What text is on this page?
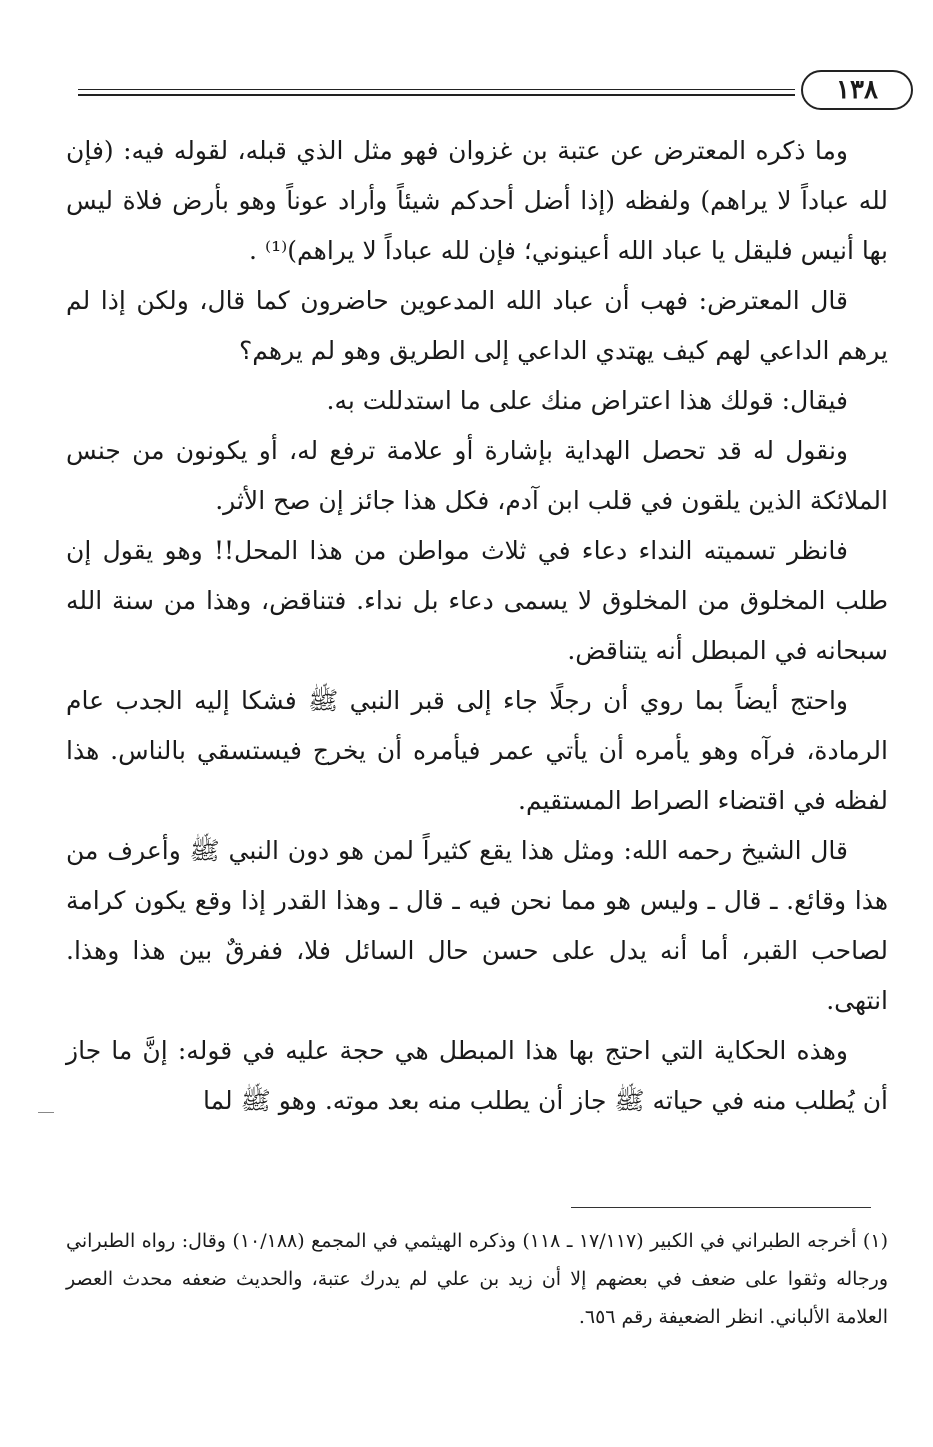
١٣٨

وما ذكره المعترض عن عتبة بن غزوان فهو مثل الذي قبله، لقوله فيه: (فإن لله عباداً لا يراهم) ولفظه (إذا أضل أحدكم شيئاً وأراد عوناً وهو بأرض فلاة ليس بها أنيس فليقل يا عباد الله أعينوني؛ فإن لله عباداً لا يراهم)⁽¹⁾ .

قال المعترض: فهب أن عباد الله المدعوين حاضرون كما قال، ولكن إذا لم يرهم الداعي لهم كيف يهتدي الداعي إلى الطريق وهو لم يرهم؟

فيقال: قولك هذا اعتراض منك على ما استدللت به.

ونقول له قد تحصل الهداية بإشارة أو علامة ترفع له، أو يكونون من جنس الملائكة الذين يلقون في قلب ابن آدم، فكل هذا جائز إن صح الأثر.

فانظر تسميته النداء دعاء في ثلاث مواطن من هذا المحل!! وهو يقول إن طلب المخلوق من المخلوق لا يسمى دعاء بل نداء. فتناقض، وهذا من سنة الله سبحانه في المبطل أنه يتناقض.

واحتج أيضاً بما روي أن رجلًا جاء إلى قبر النبي ﷺ فشكا إليه الجدب عام الرمادة، فرآه وهو يأمره أن يأتي عمر فيأمره أن يخرج فيستسقي بالناس. هذا لفظه في اقتضاء الصراط المستقيم.

قال الشيخ رحمه الله: ومثل هذا يقع كثيراً لمن هو دون النبي ﷺ وأعرف من هذا وقائع. ـ قال ـ وليس هو مما نحن فيه ـ قال ـ وهذا القدر إذا وقع يكون كرامة لصاحب القبر، أما أنه يدل على حسن حال السائل فلا، ففرقٌ بين هذا وهذا. انتهى.

وهذه الحكاية التي احتج بها هذا المبطل هي حجة عليه في قوله: إنَّ ما جاز أن يُطلب منه في حياته ﷺ جاز أن يطلب منه بعد موته. وهو ﷺ لما

(١) أخرجه الطبراني في الكبير (١٧/١١٧ ـ ١١٨) وذكره الهيثمي في المجمع (١٠/١٨٨) وقال: رواه الطبراني ورجاله وثقوا على ضعف في بعضهم إلا أن زيد بن علي لم يدرك عتبة، والحديث ضعفه محدث العصر العلامة الألباني. انظر الضعيفة رقم ٦٥٦.
